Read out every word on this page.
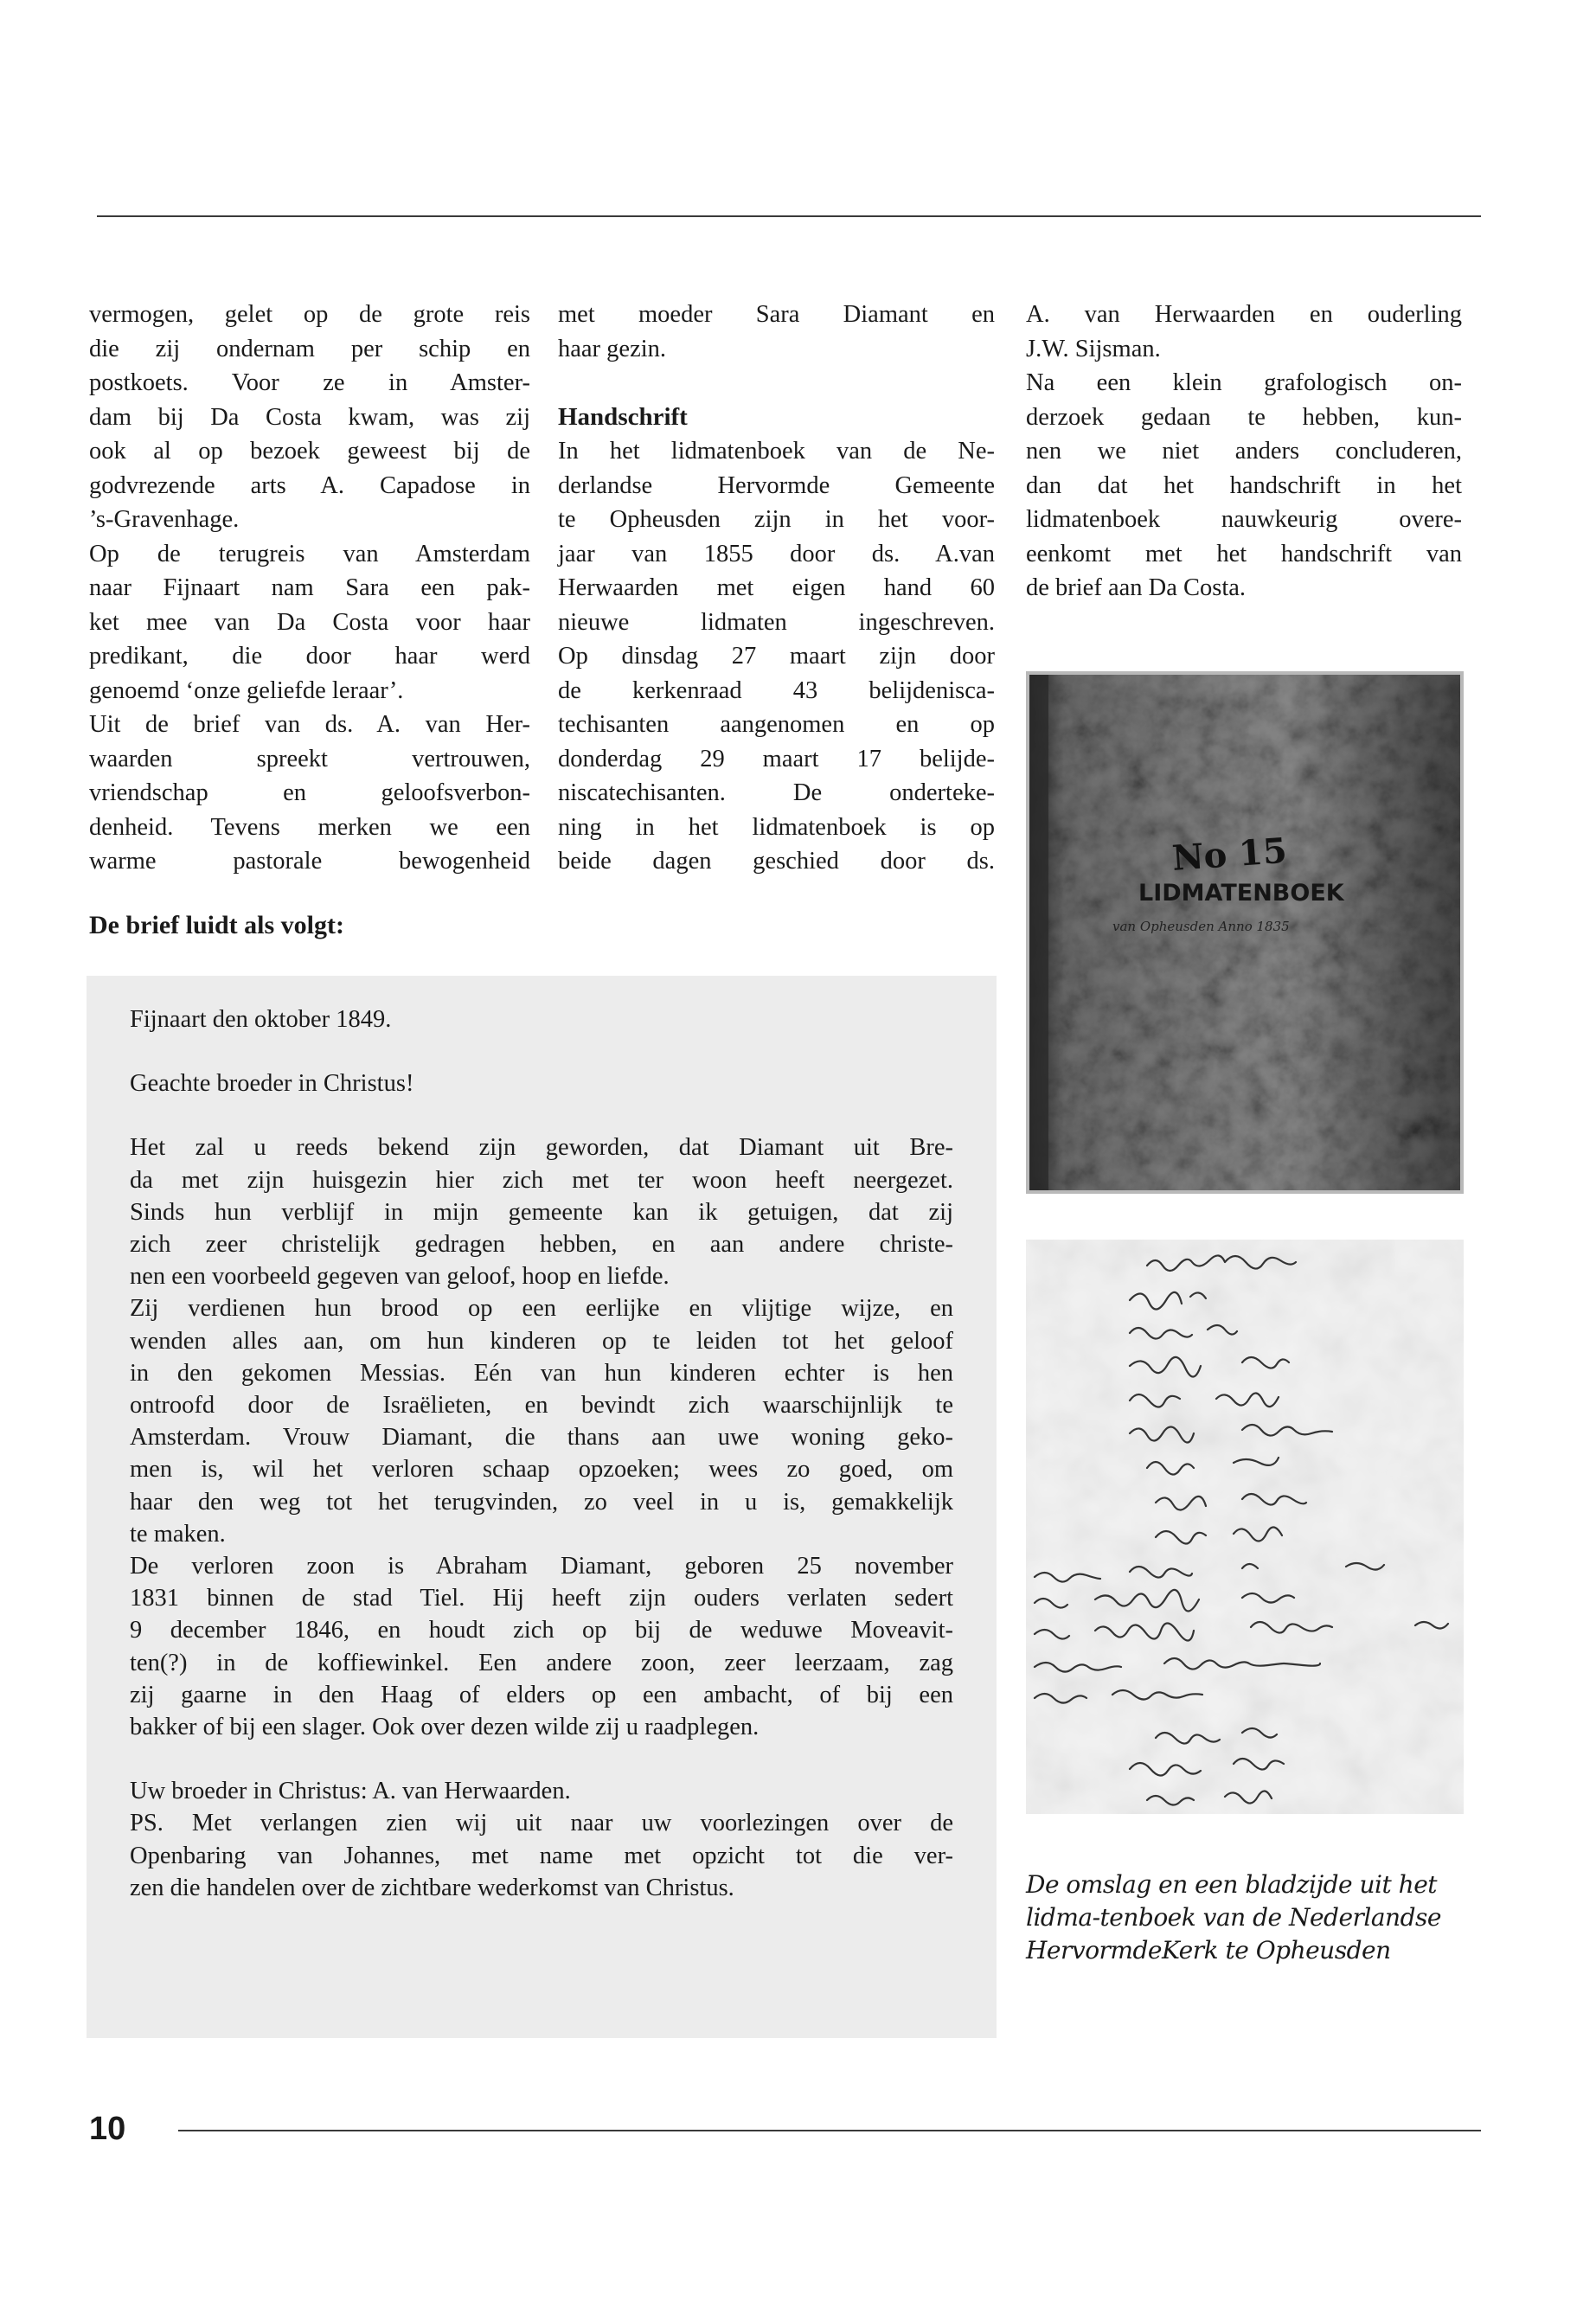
vermogen, gelet op de grote reis
die zij ondernam per schip en
postkoets. Voor ze in Amster-
dam bij Da Costa kwam, was zij
ook al op bezoek geweest bij de
godvrezende arts A. Capadose in
’s-Gravenhage.
Op de terugreis van Amsterdam
naar Fijnaart nam Sara een pak-
ket mee van Da Costa voor haar
predikant, die door haar werd
genoemd ‘onze geliefde leraar’.
Uit de brief van ds. A. van Her-
waarden spreekt vertrouwen,
vriendschap en geloofsverbon-
denheid. Tevens merken we een
warme pastorale bewogenheid
met moeder Sara Diamant en
haar gezin.
Handschrift
In het lidmatenboek van de Ne-
derlandse Hervormde Gemeente
te Opheusden zijn in het voor-
jaar van 1855 door ds. A.van
Herwaarden met eigen hand 60
nieuwe lidmaten ingeschreven.
Op dinsdag 27 maart zijn door
de kerkenraad 43 belijdenisca-
techisanten aangenomen en op
donderdag 29 maart 17 belijde-
niscatechisanten. De onderteke-
ning in het lidmatenboek is op
beide dagen geschied door ds.
A. van Herwaarden en ouderling
J.W. Sijsman.
Na een klein grafologisch on-
derzoek gedaan te hebben, kun-
nen we niet anders concluderen,
dan dat het handschrift in het
lidmatenboek nauwkeurig overe-
eenkomt met het handschrift van
de brief aan Da Costa.
De brief luidt als volgt:
Fijnaart den oktober 1849.
Geachte broeder in Christus!
Het zal u reeds bekend zijn geworden, dat Diamant uit Bre-
da met zijn huisgezin hier zich met ter woon heeft neergezet.
Sinds hun verblijf in mijn gemeente kan ik getuigen, dat zij
zich zeer christelijk gedragen hebben, en aan andere christe-
nen een voorbeeld gegeven van geloof, hoop en liefde.
Zij verdienen hun brood op een eerlijke en vlijtige wijze, en
wenden alles aan, om hun kinderen op te leiden tot het geloof
in den gekomen Messias. Eén van hun kinderen echter is hen
ontroofd door de Israëlieten, en bevindt zich waarschijnlijk te
Amsterdam. Vrouw Diamant, die thans aan uwe woning geko-
men is, wil het verloren schaap opzoeken; wees zo goed, om
haar den weg tot het terugvinden, zo veel in u is, gemakkelijk
te maken.
De verloren zoon is Abraham Diamant, geboren 25 november
1831 binnen de stad Tiel. Hij heeft zijn ouders verlaten sedert
9 december 1846, en houdt zich op bij de weduwe Moveavit-
ten(?) in de koffiewinkel. Een andere zoon, zeer leerzaam, zag
zij gaarne in den Haag of elders op een ambacht, of bij een
bakker of bij een slager. Ook over dezen wilde zij u raadplegen.
Uw broeder in Christus: A. van Herwaarden.
PS. Met verlangen zien wij uit naar uw voorlezingen over de
Openbaring van Johannes, met name met opzicht tot die ver-
zen die handelen over de zichtbare wederkomst van Christus.
No 15
LIDMATENBOEK
van Opheusden Anno 1835
De omslag en een bladzijde uit het lidma-tenboek van de Nederlandse HervormdeKerk te Opheusden
10
